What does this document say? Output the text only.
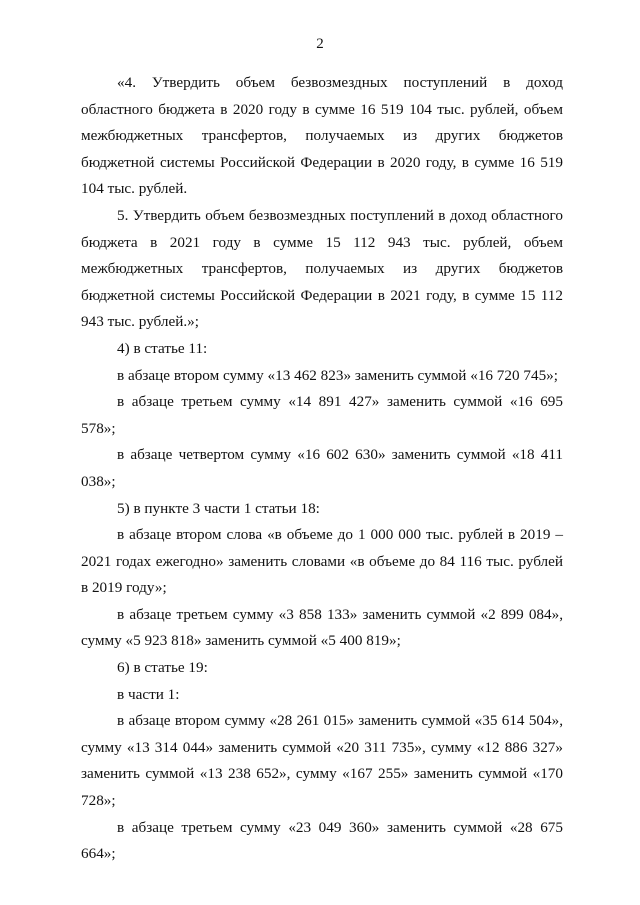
2

«4. Утвердить объем безвозмездных поступлений в доход областного бюджета в 2020 году в сумме 16 519 104 тыс. рублей, объем межбюджетных трансфертов, получаемых из других бюджетов бюджетной системы Российской Федерации в 2020 году, в сумме 16 519 104 тыс. рублей.

5. Утвердить объем безвозмездных поступлений в доход областного бюджета в 2021 году в сумме 15 112 943 тыс. рублей, объем межбюджетных трансфертов, получаемых из других бюджетов бюджетной системы Российской Федерации в 2021 году, в сумме 15 112 943 тыс. рублей.»;

4) в статье 11:

в абзаце втором сумму «13 462 823» заменить суммой «16 720 745»;

в абзаце третьем сумму «14 891 427» заменить суммой «16 695 578»;

в абзаце четвертом сумму «16 602 630» заменить суммой «18 411 038»;

5) в пункте 3 части 1 статьи 18:

в абзаце втором слова «в объеме до 1 000 000 тыс. рублей в 2019 – 2021 годах ежегодно» заменить словами «в объеме до 84 116 тыс. рублей в 2019 году»;

в абзаце третьем сумму «3 858 133» заменить суммой «2 899 084», сумму «5 923 818» заменить суммой «5 400 819»;

6) в статье 19:

в части 1:

в абзаце втором сумму «28 261 015» заменить суммой «35 614 504», сумму «13 314 044» заменить суммой «20 311 735», сумму «12 886 327» заменить суммой «13 238 652», сумму «167 255» заменить суммой «170 728»;

в абзаце третьем сумму «23 049 360» заменить суммой «28 675 664»;
